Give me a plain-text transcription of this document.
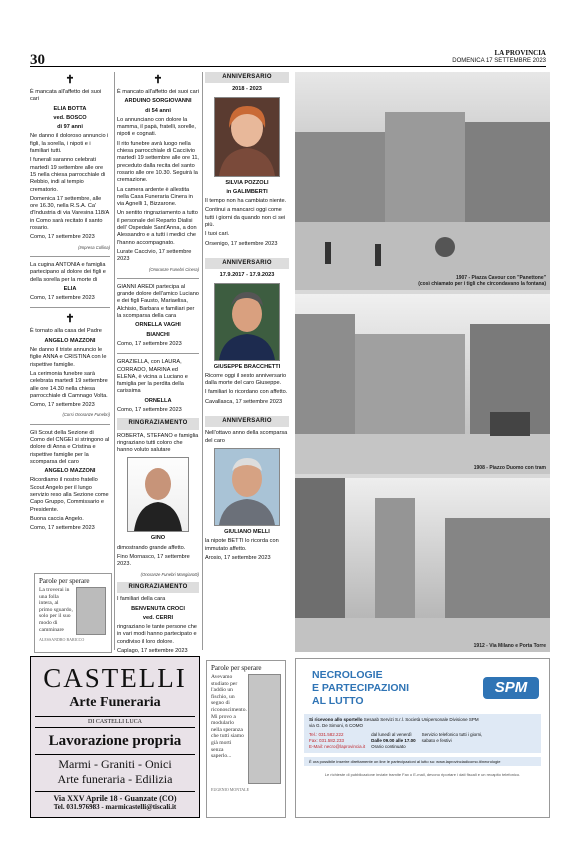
30	LA PROVINCIA
DOMENICA 17 SETTEMBRE 2023
✝

È mancata all'affetto dei suoi cari

ELIA BOTTA

ved. BOSCO

di 97 anni

Ne danno il doloroso annuncio i figli, la sorella, i nipoti e i familiari tutti.

I funerali saranno celebrati martedì 19 settembre alle ore 15 nella chiesa parrocchiale di Rebbio, indi al tempio crematorio.

Domenica 17 settembre, alle ore 16.30, nella R.S.A. Ca' d'Industria di via Varesina 118/A in Como sarà recitato il santo rosario.

Como, 17 settembre 2023

(Impresa Collina)

La cugina ANTONIA e famiglia partecipano al dolore dei figli e della sorella per la morte di

ELIA

Como, 17 settembre 2023

✝

È tornato alla casa del Padre

ANGELO MAZZONI

Ne danno il triste annuncio le figlie ANNA e CRISTINA con le rispettive famiglie.

La cerimonia funebre sarà celebrata martedì 19 settembre alle ore 14.30 nella chiesa parrocchiale di Camnago Volta.

Como, 17 settembre 2023

(Corsi Onoranze Funebri)

Gli Scout della Sezione di Como del CNGEI si stringono al dolore di Anna e Cristina e rispettive famiglie per la scomparsa del caro

ANGELO MAZZONI

Ricordiamo il nostro fratello Scout Angelo per il lungo servizio reso alla Sezione come Capo Gruppo, Commissario e Presidente.

Buona caccia Angelo.

Como, 17 settembre 2023

Parole per sperare
La troverai in una folla intera, al primo sguardo, solo per il suo modo di camminare
ALESSANDRO BARICCO
✝

È mancato all'affetto dei suoi cari

ARDUINO SORGIOVANNI

di 54 anni

Lo annunciano con dolore la mamma, il papà, fratelli, sorelle, nipoti e cognati.

Il rito funebre avrà luogo nella chiesa parrocchiale di Cacciivio martedì 19 settembre alle ore 11, preceduto dalla recita del santo rosario alle ore 10.30. Seguirà la cremazione.

La camera ardente è allestita nella Casa Funeraria Cinera in via Agnelli 1, Bizzarone.

Un sentito ringraziamento a tutto il personale del Reparto Dialisi dell' Ospedale Sant'Anna, a don Alessandro e a tutti i medici che l'hanno accompagnato.

Lurate Caccivio, 17 settembre 2023

(Onoranze Funebri Cinera)

GIANNI AREDI partecipa al grande dolore dell'amico Luciano e dei figli Fausto, Mariaelisa, Alchisio, Barbara e familiari per la scomparsa della cara

ORNELLA VAGHI

BIANCHI

Como, 17 settembre 2023

GRAZIELLA, con LAURA, CORRADO, MARINA ed ELENA, è vicina a Luciano e famiglia per la perdita della carissima

ORNELLA

Como, 17 settembre 2023

RINGRAZIAMENTO

ROBERTA, STEFANO e famiglia ringraziano tutti coloro che hanno voluto salutare

GINO

dimostrando grande affetto.

Fino Mornasco, 17 settembre 2023.

(Onoranze Funebri Mangiarotti)
RINGRAZIAMENTO

I familiari della cara

BENVENUTA CROCI

ved. CERRI

ringraziano le tante persone che in vari modi hanno partecipato e condiviso il loro dolore.

Caplago, 17 settembre 2023

ANNIVERSARIO

2018 - 2023

SILVIA POZZOLI

in GALIMBERTI

Il tempo non ha cambiato niente.

Continui a mancarci oggi come tutti i giorni da quando non ci sei più.

I tuoi cari.

Orsenigo, 17 settembre 2023

ANNIVERSARIO

17.9.2017 - 17.9.2023

GIUSEPPE BRACCHETTI

Ricorre oggi il sesto anniversario dalla morte del caro Giuseppe.

I familiari lo ricordano con affetto.

Cavallasca, 17 settembre 2023

ANNIVERSARIO

Nell'ottavo anno della scomparsa del caro

GIULIANO MELLI

la nipote BETTI lo ricorda con immutato affetto.

Arosio, 17 settembre 2023

1907 - Piazza Cavour con "Panettone"
(così chiamato per i tigli che circondavano la fontana)
1908 - Piazzo Duomo con tram
1912 - Via Milano e Porta Torre
CASTELLI
Arte Funeraria
DI CASTELLI LUCA
Lavorazione propria
Marmi - Graniti - Onici
Arte funeraria - Edilizia
Via XXV Aprile 18 - Guanzate (CO)
Tel. 031.976983 - marmicastelli@tiscali.it
Parole per sperare
Avevamo studiato per l'addio un fischio, un segno di riconoscimento. Mi provo a modularlo nella speranza che tutti siamo già morti senza saperlo...
EUGENIO MONTALE
NECROLOGIE
E PARTECIPAZIONI
AL LUTTO
SPM
Si ricevono allo sportello Sesaab Servizi S.r.l. Società Unipersonale Divisione SPM
via G. De Simoni, 6 COMO
Tel.: 031.582.222
Fax: 031.582.233
E-Mail: necro@laprovincia.it
dal lunedì al venerdì
Dalle 09.00 alle 17.00
Orario continuato
Servizio telefonico tutti i giorni, sabato e festivi
È ora possibile inserire direttamente on line le partecipazioni al lutto su: www.laprovinciadicomo.it/necrologie
Le richieste di pubblicazione inviate tramite Fax o E-mail, devono riportare i dati fiscali e un recapito telefonico.
